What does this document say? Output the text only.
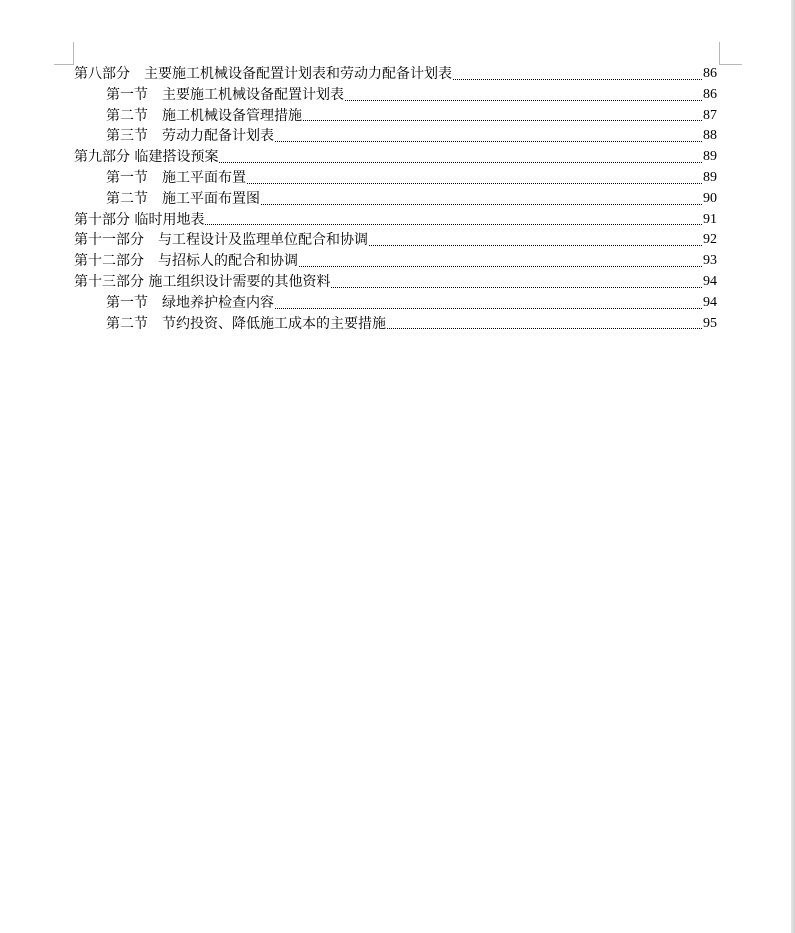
第八部分　主要施工机械设备配置计划表和劳动力配备计划表	86
第一节　主要施工机械设备配置计划表	86
第二节　施工机械设备管理措施	87
第三节　劳动力配备计划表	88
第九部分 临建搭设预案	89
第一节　施工平面布置	89
第二节　施工平面布置图	90
第十部分 临时用地表	91
第十一部分　与工程设计及监理单位配合和协调	92
第十二部分　与招标人的配合和协调	93
第十三部分 施工组织设计需要的其他资料	94
第一节　绿地养护检查内容	94
第二节　节约投资、降低施工成本的主要措施	95
